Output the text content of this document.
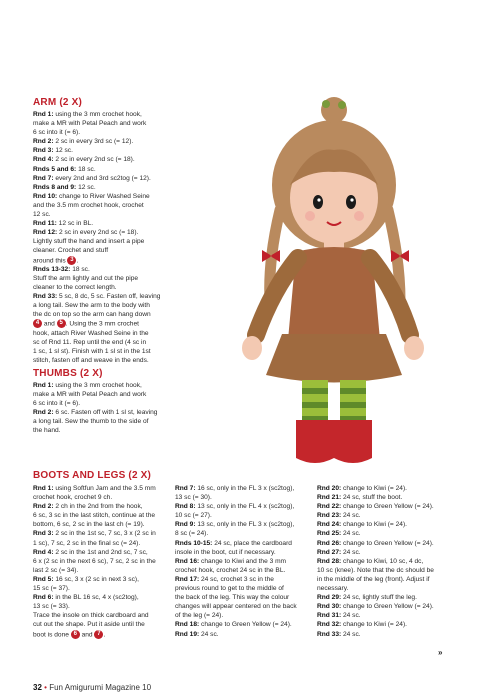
ARM (2 X)

Rnd 1: using the 3 mm crochet hook,

make a MR with Petal Peach and work

6 sc into it (= 6).

Rnd 2: 2 sc in every 3rd sc (= 12).

Rnd 3: 12 sc.

Rnd 4: 2 sc in every 2nd sc (= 18).

Rnds 5 and 6: 18 sc.

Rnd 7: every 2nd and 3rd sc2tog (= 12).

Rnds 8 and 9: 12 sc.

Rnd 10: change to River Washed Seine

and the 3.5 mm crochet hook, crochet

12 sc.

Rnd 11: 12 sc in BL.

Rnd 12: 2 sc in every 2nd sc (= 18).

Lightly stuff the hand and insert a pipe

cleaner. Crochet and stuff

around this 3 .

Rnds 13-32: 18 sc.

Stuff the arm lightly and cut the pipe

cleaner to the correct length.

Rnd 33: 5 sc, 8 dc, 5 sc. Fasten off, leaving

a long tail. Sew the arm to the body with

the dc on top so the arm can hang down

4 and 5 . Using the 3 mm crochet

hook, attach River Washed Seine in the

sc of Rnd 11. Rep until the end (4 sc in

1 sc, 1 sl st). Finish with 1 sl st in the 1st

stitch, fasten off and weave in the ends.

THUMBS (2 X)

Rnd 1: using the 3 mm crochet hook,

make a MR with Petal Peach and work

6 sc into it (= 6).

Rnd 2: 6 sc. Fasten off with 1 sl st, leaving

a long tail. Sew the thumb to the side of

the hand.

BOOTS AND LEGS (2 X)

Rnd 1: using Softfun Jam and the 3.5 mm

crochet hook, crochet 9 ch.

Rnd 2: 2 ch in the 2nd from the hook,

6 sc, 3 sc in the last stitch, continue at the

bottom, 6 sc, 2 sc in the last ch (= 19).

Rnd 3: 2 sc in the 1st sc, 7 sc, 3 x (2 sc in

1 sc), 7 sc, 2 sc in the final sc (= 24).

Rnd 4: 2 sc in the 1st and 2nd sc, 7 sc,

6 x (2 sc in the next 6 sc), 7 sc, 2 sc in the

last 2 sc (= 34).

Rnd 5: 16 sc, 3 x (2 sc in next 3 sc),

15 sc (= 37).

Rnd 6: in the BL 16 sc, 4 x (sc2tog),

13 sc (= 33).

Trace the insole on thick cardboard and

cut out the shape. Put it aside until the

boot is done 6 and 7 .

Rnd 7: 16 sc, only in the FL 3 x (sc2tog),

13 sc (= 30).

Rnd 8: 13 sc, only in the FL 4 x (sc2tog),

10 sc (= 27).

Rnd 9: 13 sc, only in the FL 3 x (sc2tog),

8 sc (= 24).

Rnds 10-15: 24 sc, place the cardboard

insole in the boot, cut if necessary.

Rnd 16: change to Kiwi and the 3 mm

crochet hook, crochet 24 sc in the BL.

Rnd 17: 24 sc, crochet 3 sc in the

previous round to get to the middle of

the back of the leg. This way the colour

changes will appear centered on the back

of the leg (= 24).

Rnd 18: change to Green Yellow (= 24).

Rnd 19: 24 sc.

Rnd 20: change to Kiwi (= 24).

Rnd 21: 24 sc, stuff the boot.

Rnd 22: change to Green Yellow (= 24).

Rnd 23: 24 sc.

Rnd 24: change to Kiwi (= 24).

Rnd 25: 24 sc.

Rnd 26: change to Green Yellow (= 24).

Rnd 27: 24 sc.

Rnd 28: change to Kiwi, 10 sc, 4 dc,

10 sc (knee). Note that the dc should be

in the middle of the leg (front). Adjust if

necessary.

Rnd 29: 24 sc, lightly stuff the leg.

Rnd 30: change to Green Yellow (= 24).

Rnd 31: 24 sc.

Rnd 32: change to Kiwi (= 24).

Rnd 33: 24 sc.

»
32 • Fun Amigurumi Magazine 10
